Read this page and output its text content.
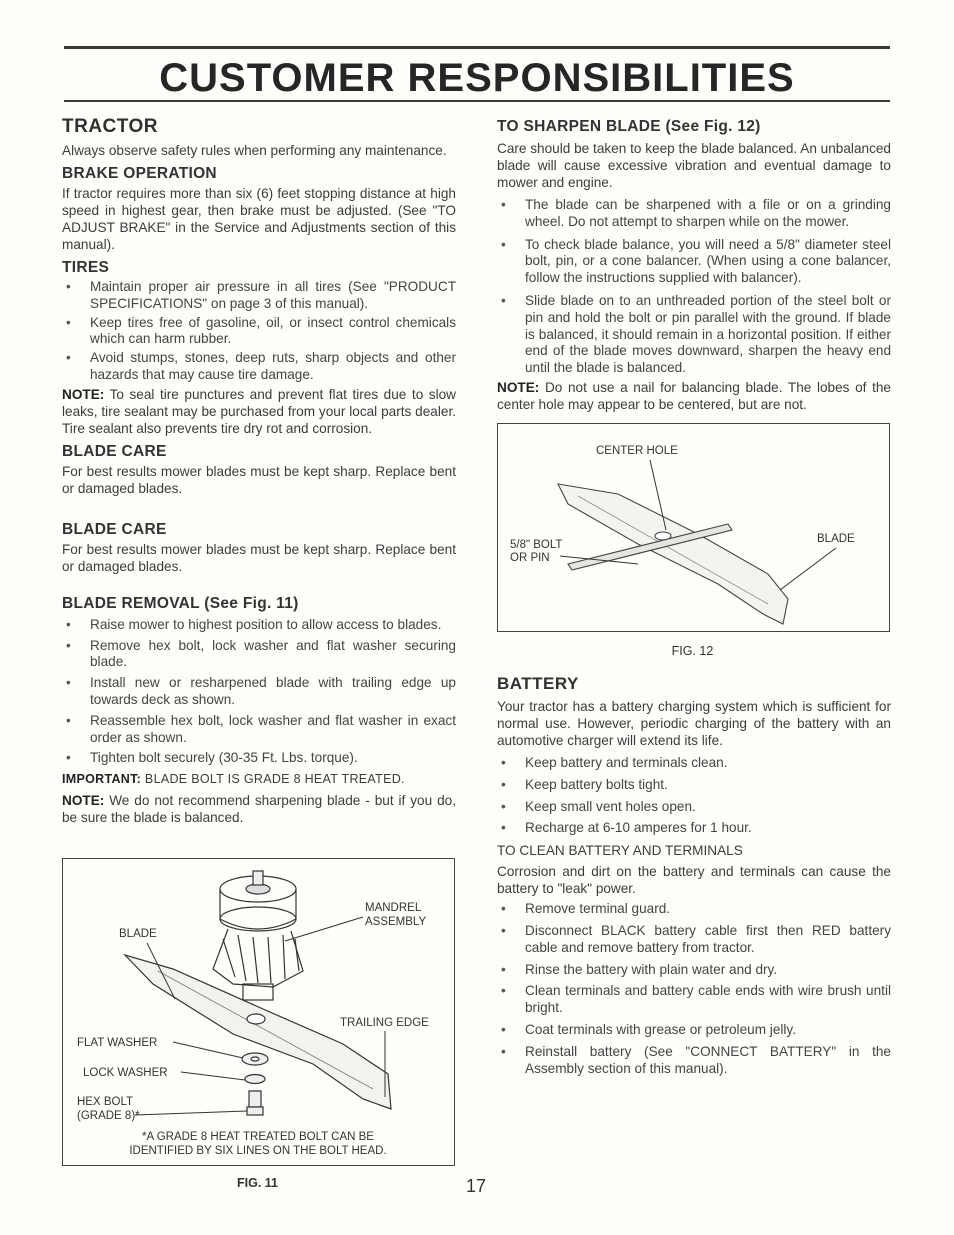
CUSTOMER RESPONSIBILITIES
TRACTOR

Always observe safety rules when performing any maintenance.

BRAKE OPERATION

If tractor requires more than six (6) feet stopping distance at high speed in highest gear, then brake must be adjusted. (See "TO ADJUST BRAKE" in the Service and Adjustments section of this manual).

TIRES
• Maintain proper air pressure in all tires (See "PRODUCT SPECIFICATIONS" on page 3 of this manual).
• Keep tires free of gasoline, oil, or insect control chemicals which can harm rubber.
• Avoid stumps, stones, deep ruts, sharp objects and other hazards that may cause tire damage.

NOTE: To seal tire punctures and prevent flat tires due to slow leaks, tire sealant may be purchased from your local parts dealer. Tire sealant also prevents tire dry rot and corrosion.

BLADE CARE

For best results mower blades must be kept sharp. Replace bent or damaged blades.

BLADE CARE

For best results mower blades must be kept sharp. Replace bent or damaged blades.

BLADE REMOVAL (See Fig. 11)
• Raise mower to highest position to allow access to blades.
• Remove hex bolt, lock washer and flat washer securing blade.
• Install new or resharpened blade with trailing edge up towards deck as shown.
• Reassemble hex bolt, lock washer and flat washer in exact order as shown.
• Tighten bolt securely (30-35 Ft. Lbs. torque).

IMPORTANT: BLADE BOLT IS GRADE 8 HEAT TREATED.

NOTE: We do not recommend sharpening blade - but if you do, be sure the blade is balanced.

MANDREL
ASSEMBLY
BLADE
TRAILING EDGE
FLAT WASHER
LOCK WASHER
HEX BOLT
(GRADE 8)*
*A GRADE 8 HEAT TREATED BOLT CAN BE
IDENTIFIED BY SIX LINES ON THE BOLT HEAD.
FIG. 11
TO SHARPEN BLADE (See Fig. 12)

Care should be taken to keep the blade balanced. An unbalanced blade will cause excessive vibration and eventual damage to mower and engine.

• The blade can be sharpened with a file or on a grinding wheel. Do not attempt to sharpen while on the mower.
• To check blade balance, you will need a 5/8" diameter steel bolt, pin, or a cone balancer. (When using a cone balancer, follow the instructions supplied with balancer).
• Slide blade on to an unthreaded portion of the steel bolt or pin and hold the bolt or pin parallel with the ground. If blade is balanced, it should remain in a horizontal position. If either end of the blade moves downward, sharpen the heavy end until the blade is balanced.

NOTE: Do not use a nail for balancing blade. The lobes of the center hole may appear to be centered, but are not.

CENTER HOLE
5/8" BOLT
OR PIN
BLADE
FIG. 12
BATTERY

Your tractor has a battery charging system which is sufficient for normal use. However, periodic charging of the battery with an automotive charger will extend its life.

• Keep battery and terminals clean.
• Keep battery bolts tight.
• Keep small vent holes open.
• Recharge at 6-10 amperes for 1 hour.

TO CLEAN BATTERY AND TERMINALS

Corrosion and dirt on the battery and terminals can cause the battery to "leak" power.

• Remove terminal guard.
• Disconnect BLACK battery cable first then RED battery cable and remove battery from tractor.
• Rinse the battery with plain water and dry.
• Clean terminals and battery cable ends with wire brush until bright.
• Coat terminals with grease or petroleum jelly.
• Reinstall battery (See "CONNECT BATTERY" in the Assembly section of this manual).
17
